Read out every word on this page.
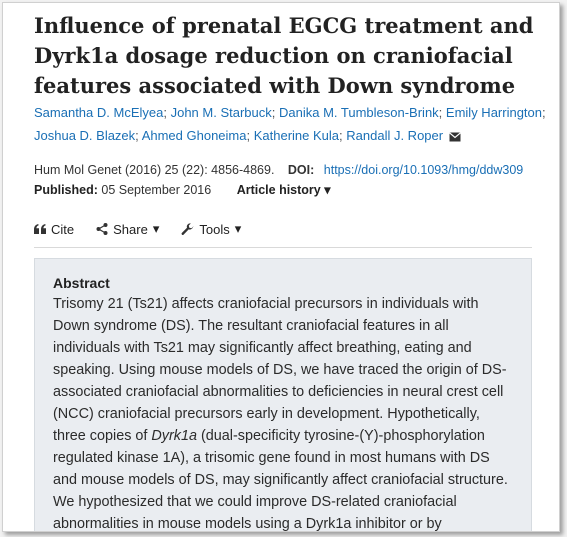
Influence of prenatal EGCG treatment and Dyrk1a dosage reduction on craniofacial features associated with Down syndrome
Samantha D. McElyea; John M. Starbuck; Danika M. Tumbleson-Brink; Emily Harrington; Joshua D. Blazek; Ahmed Ghoneima; Katherine Kula; Randall J. Roper
Hum Mol Genet (2016) 25 (22): 4856-4869. DOI: https://doi.org/10.1093/hmg/ddw309
Published: 05 September 2016 Article history ▾
Cite	Share ▾	Tools ▾
Abstract

Trisomy 21 (Ts21) affects craniofacial precursors in individuals with Down syndrome (DS). The resultant craniofacial features in all individuals with Ts21 may significantly affect breathing, eating and speaking. Using mouse models of DS, we have traced the origin of DS-associated craniofacial abnormalities to deficiencies in neural crest cell (NCC) craniofacial precursors early in development. Hypothetically, three copies of Dyrk1a (dual-specificity tyrosine-(Y)-phosphorylation regulated kinase 1A), a trisomic gene found in most humans with DS and mouse models of DS, may significantly affect craniofacial structure. We hypothesized that we could improve DS-related craniofacial abnormalities in mouse models using a Dyrk1a inhibitor or by
